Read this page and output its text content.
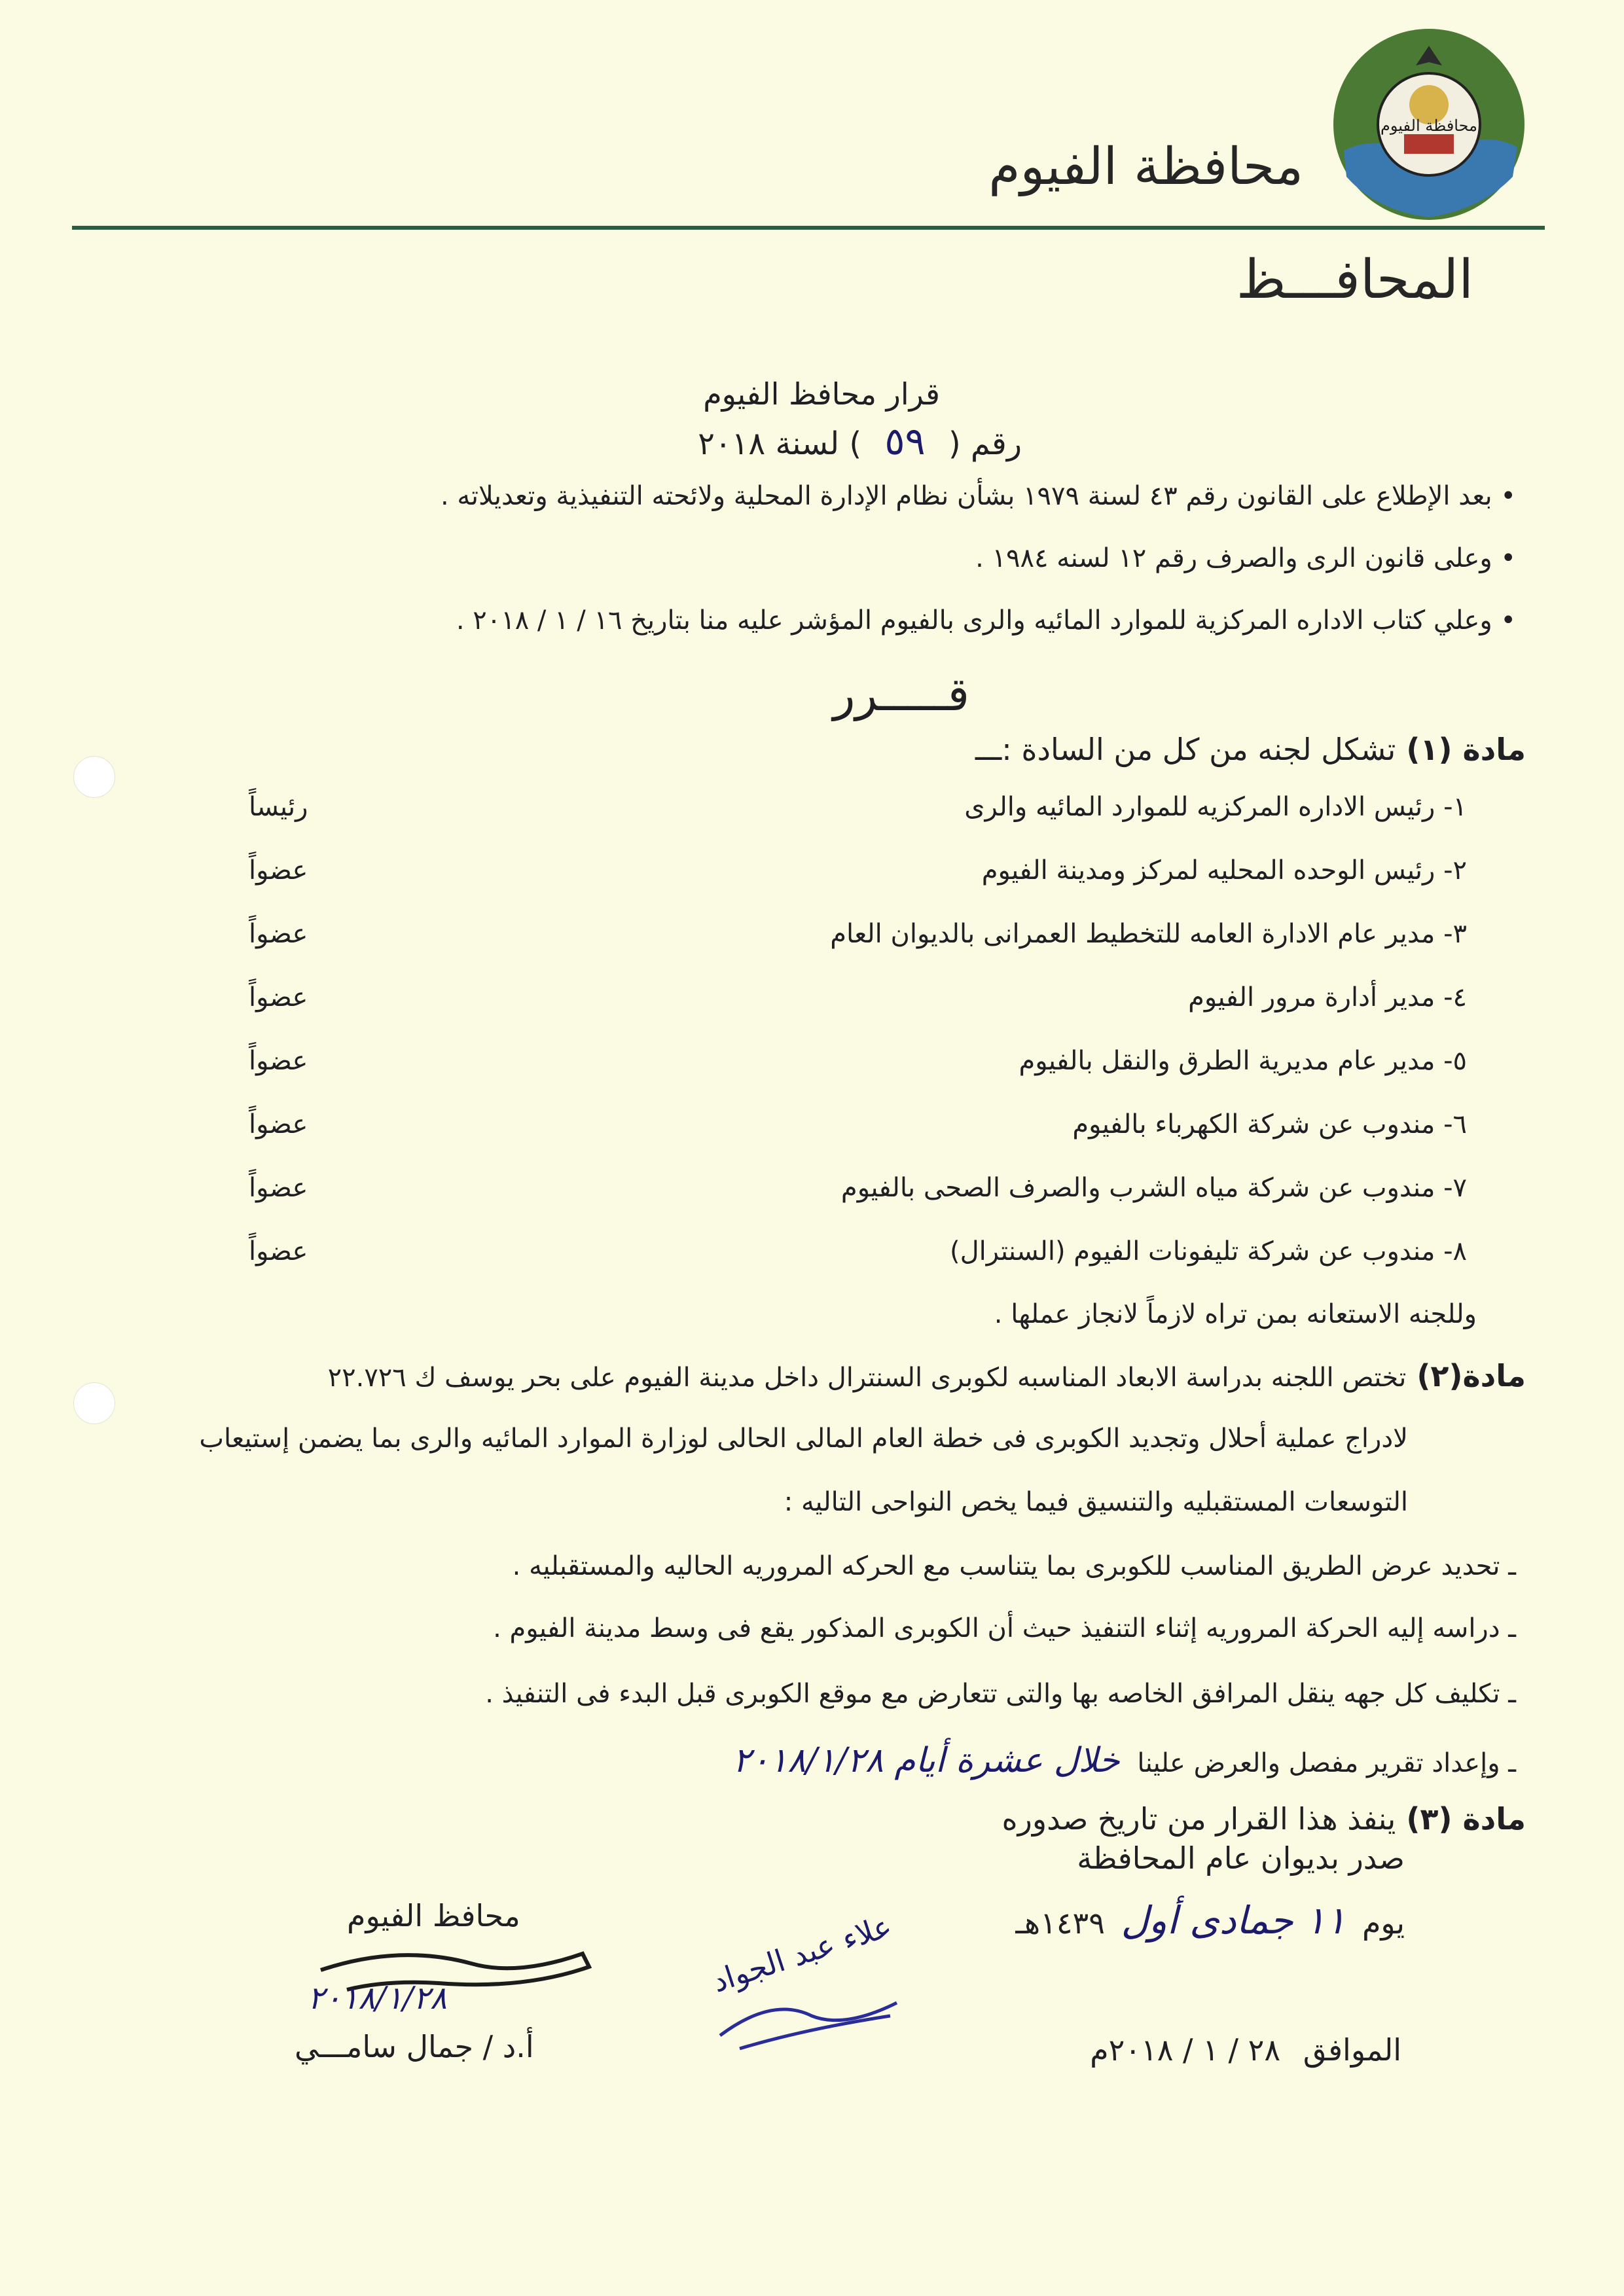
محافظة الفيوم
محافظة الفيوم
المحافـــظ
قرار محافظ الفيوم
رقم ( ٥٩ ) لسنة ٢٠١٨
• بعد الإطلاع على القانون رقم ٤٣ لسنة ١٩٧٩ بشأن نظام الإدارة المحلية ولائحته التنفيذية وتعديلاته .
• وعلى قانون الرى والصرف رقم ١٢ لسنه ١٩٨٤ .
• وعلي كتاب الاداره المركزية للموارد المائيه والرى بالفيوم المؤشر عليه منا بتاريخ ١٦ / ١ / ٢٠١٨ .
قـــــرر
مادة (١) تشكل لجنه من كل من السادة :ـــ
١- رئيس الاداره المركزيه للموارد المائيه والرى
رئيساً
٢- رئيس الوحده المحليه لمركز ومدينة الفيوم
عضواً
٣- مدير عام الادارة العامه للتخطيط العمرانى بالديوان العام
عضواً
٤- مدير أدارة مرور الفيوم
عضواً
٥- مدير عام مديرية الطرق والنقل بالفيوم
عضواً
٦- مندوب عن شركة الكهرباء بالفيوم
عضواً
٧- مندوب عن شركة مياه الشرب والصرف الصحى بالفيوم
عضواً
٨- مندوب عن شركة تليفونات الفيوم (السنترال)
عضواً
وللجنه الاستعانه بمن تراه لازماً لانجاز عملها .
مادة(٢) تختص اللجنه بدراسة الابعاد المناسبه لكوبرى السنترال داخل مدينة الفيوم على بحر يوسف ك ٢٢.٧٢٦
لادراج عملية أحلال وتجديد الكوبرى فى خطة العام المالى الحالى لوزارة الموارد المائيه والرى بما يضمن إستيعاب
التوسعات المستقبليه والتنسيق فيما يخص النواحى التاليه :
ـ تحديد عرض الطريق المناسب للكوبرى بما يتناسب مع الحركه المروريه الحاليه والمستقبليه .
ـ دراسه إليه الحركة المروريه إثناء التنفيذ حيث أن الكوبرى المذكور يقع فى وسط مدينة الفيوم .
ـ تكليف كل جهه ينقل المرافق الخاصه بها والتى تتعارض مع موقع الكوبرى قبل البدء فى التنفيذ .
ـ وإعداد تقرير مفصل والعرض علينا خلال عشرة أيام ٢٠١٨/١/٢٨
مادة (٣) ينفذ هذا القرار من تاريخ صدوره
صدر بديوان عام المحافظة
يوم ١١ جمادى أول ١٤٣٩هـ
الموافق ٢٨ / ١ / ٢٠١٨م
علاء عبد الجواد
محافظ الفيوم
٢٠١٨/١/٢٨
أ.د / جمال سامـــي
